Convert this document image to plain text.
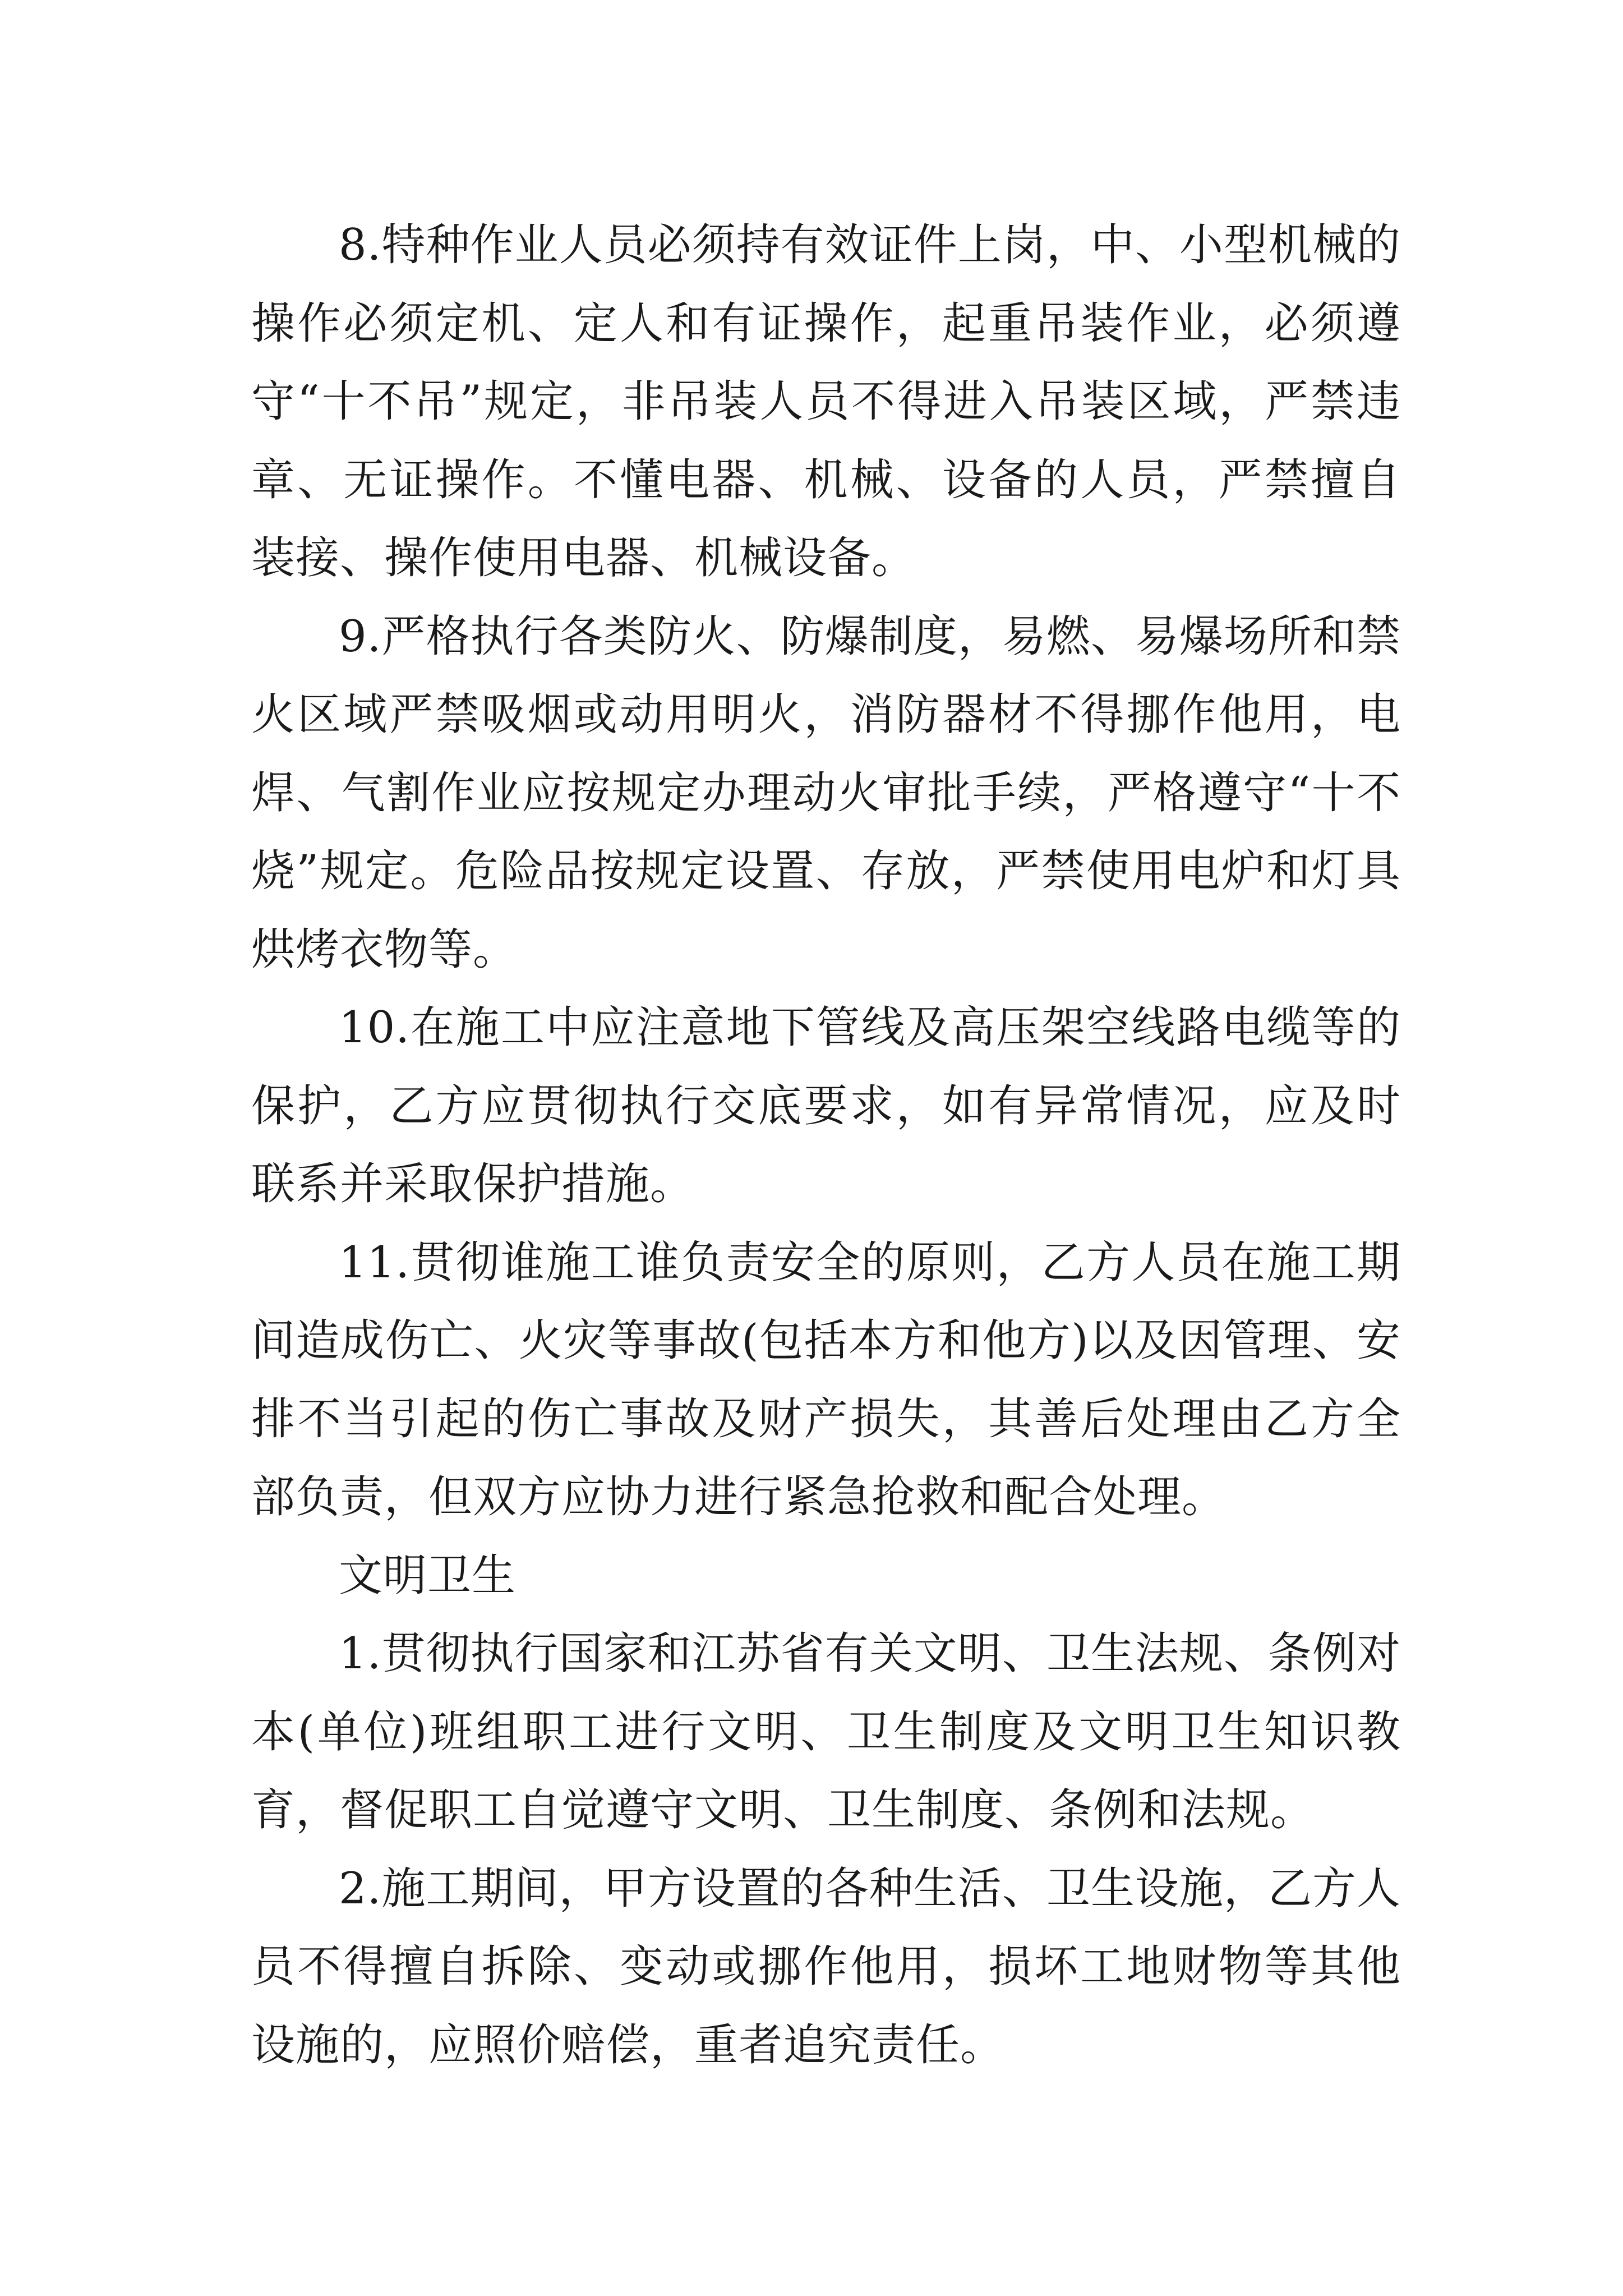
8.特种作业人员必须持有效证件上岗，中、小型机械的操作必须定机、定人和有证操作，起重吊装作业，必须遵守“十不吊”规定，非吊装人员不得进入吊装区域，严禁违章、无证操作。不懂电器、机械、设备的人员，严禁擅自装接、操作使用电器、机械设备。

9.严格执行各类防火、防爆制度，易燃、易爆场所和禁火区域严禁吸烟或动用明火，消防器材不得挪作他用，电焊、气割作业应按规定办理动火审批手续，严格遵守“十不烧”规定。危险品按规定设置、存放，严禁使用电炉和灯具烘烤衣物等。

10.在施工中应注意地下管线及高压架空线路电缆等的保护，乙方应贯彻执行交底要求，如有异常情况，应及时联系并采取保护措施。

11.贯彻谁施工谁负责安全的原则，乙方人员在施工期间造成伤亡、火灾等事故(包括本方和他方)以及因管理、安排不当引起的伤亡事故及财产损失，其善后处理由乙方全部负责，但双方应协力进行紧急抢救和配合处理。

文明卫生

1.贯彻执行国家和江苏省有关文明、卫生法规、条例对本(单位)班组职工进行文明、卫生制度及文明卫生知识教育，督促职工自觉遵守文明、卫生制度、条例和法规。

2.施工期间，甲方设置的各种生活、卫生设施，乙方人员不得擅自拆除、变动或挪作他用，损坏工地财物等其他设施的，应照价赔偿，重者追究责任。
